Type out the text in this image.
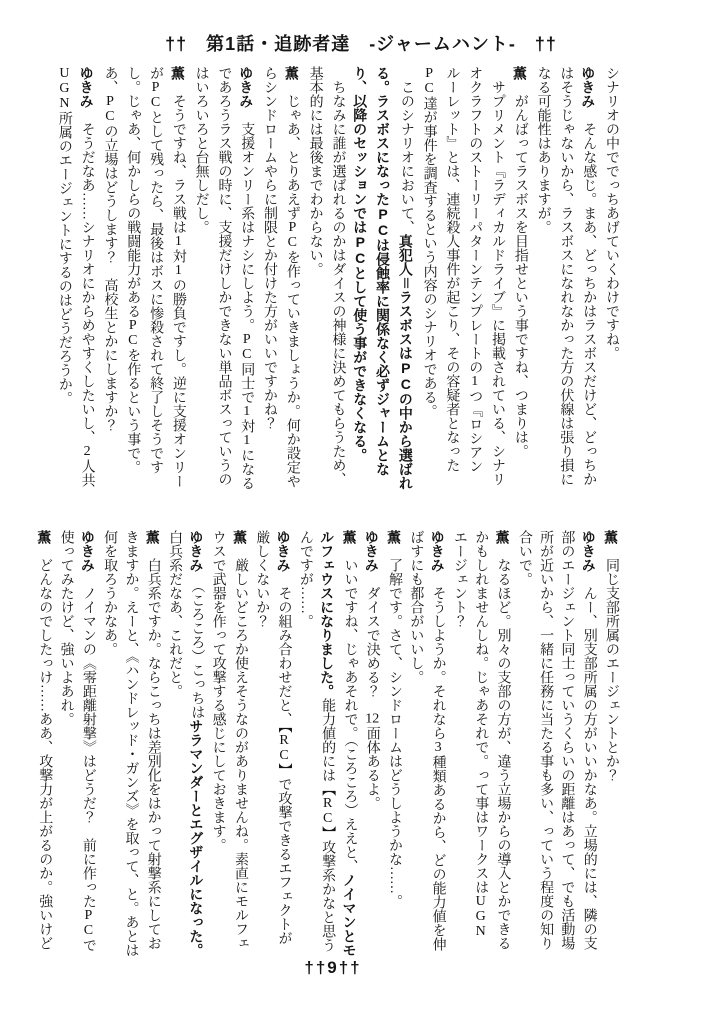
††　第1話・追跡者達　-ジャームハント-　††

シナリオの中ででっちあげていくわけですね。

ゆきみ　そんな感じ。まあ、どっちかはラスボスだけど、どっちかはそうじゃないから、ラスボスになれなかった方の伏線は張り損になる可能性はありますが。

薫　がんばってラスボスを目指せという事ですね、つまりは。

サプリメント『ラディカルドライブ』に掲載されている、シナリオクラフトのストーリーパターンテンプレートの1つ『ロシアンルーレット』とは、連続殺人事件が起こり、その容疑者となったPC達が事件を調査するという内容のシナリオである。

このシナリオにおいて、真犯人＝ラスボスはPCの中から選ばれる。ラスボスになったPCは侵蝕率に関係なく必ずジャームとなり、以降のセッションではPCとして使う事ができなくなる。

ちなみに誰が選ばれるのかはダイスの神様に決めてもらうため、基本的には最後までわからない。

薫　じゃあ、とりあえずPCを作っていきましょうか。何か設定やらシンドロームやらに制限とか付けた方がいいですかね？

ゆきみ　支援オンリー系はナシにしよう。PC同士で1対1になるであろうラス戦の時に、支援だけしかできない単品ボスっていうのはいろいろと台無しだし。

薫　そうですね、ラス戦は1対1の勝負ですし。逆に支援オンリーがPCとして残ったら、最後はボスに惨殺されて終了しそうですし。じゃあ、何かしらの戦闘能力があるPCを作るという事で。あ、PCの立場はどうします？　高校生とかにしますか？

ゆきみ　そうだなあ……シナリオにからめやすくしたいし、2人共UGN所属のエージェントにするのはどうだろうか。

薫　同じ支部所属のエージェントとか？

ゆきみ　んー、別支部所属の方がいいかなあ。立場的には、隣の支部のエージェント同士っていうくらいの距離はあって、でも活動場所が近いから、一緒に任務に当たる事も多い、っていう程度の知り合いで。

薫　なるほど。別々の支部の方が、違う立場からの導入とかできるかもしれませんしね。じゃあそれで。って事はワークスはUGNエージェント？

ゆきみ　そうしようか。それなら3種類あるから、どの能力値を伸ばすにも都合がいいし。

薫　了解です。さて、シンドロームはどうしようかな……。

ゆきみ　ダイスで決める？　12面体あるよ。

薫　いいですね、じゃあそれで。（ころころ）ええと、ノイマンとモルフェウスになりました。能力値的には【RC】攻撃系かなと思うんですが……。

ゆきみ　その組み合わせだと、【RC】で攻撃できるエフェクトが厳しくないか？

薫　厳しいどころか使えそうなのがありませんね。素直にモルフェウスで武器を作って攻撃する感じにしておきます。

ゆきみ　（ころころ）こっちはサラマンダーとエグザイルになった。白兵系だなあ、これだと。

薫　白兵系ですか。ならこっちは差別化をはかって射撃系にしておきますか。えーと、《ハンドレッド・ガンズ》を取って、と。あとは何を取ろうかなあ。

ゆきみ　ノイマンの《零距離射撃》はどうだ？　前に作ったPCで使ってみたけど、強いよあれ。

薫　どんなのでしたっけ……ああ、攻撃力が上がるのか。強いけど

††9††
